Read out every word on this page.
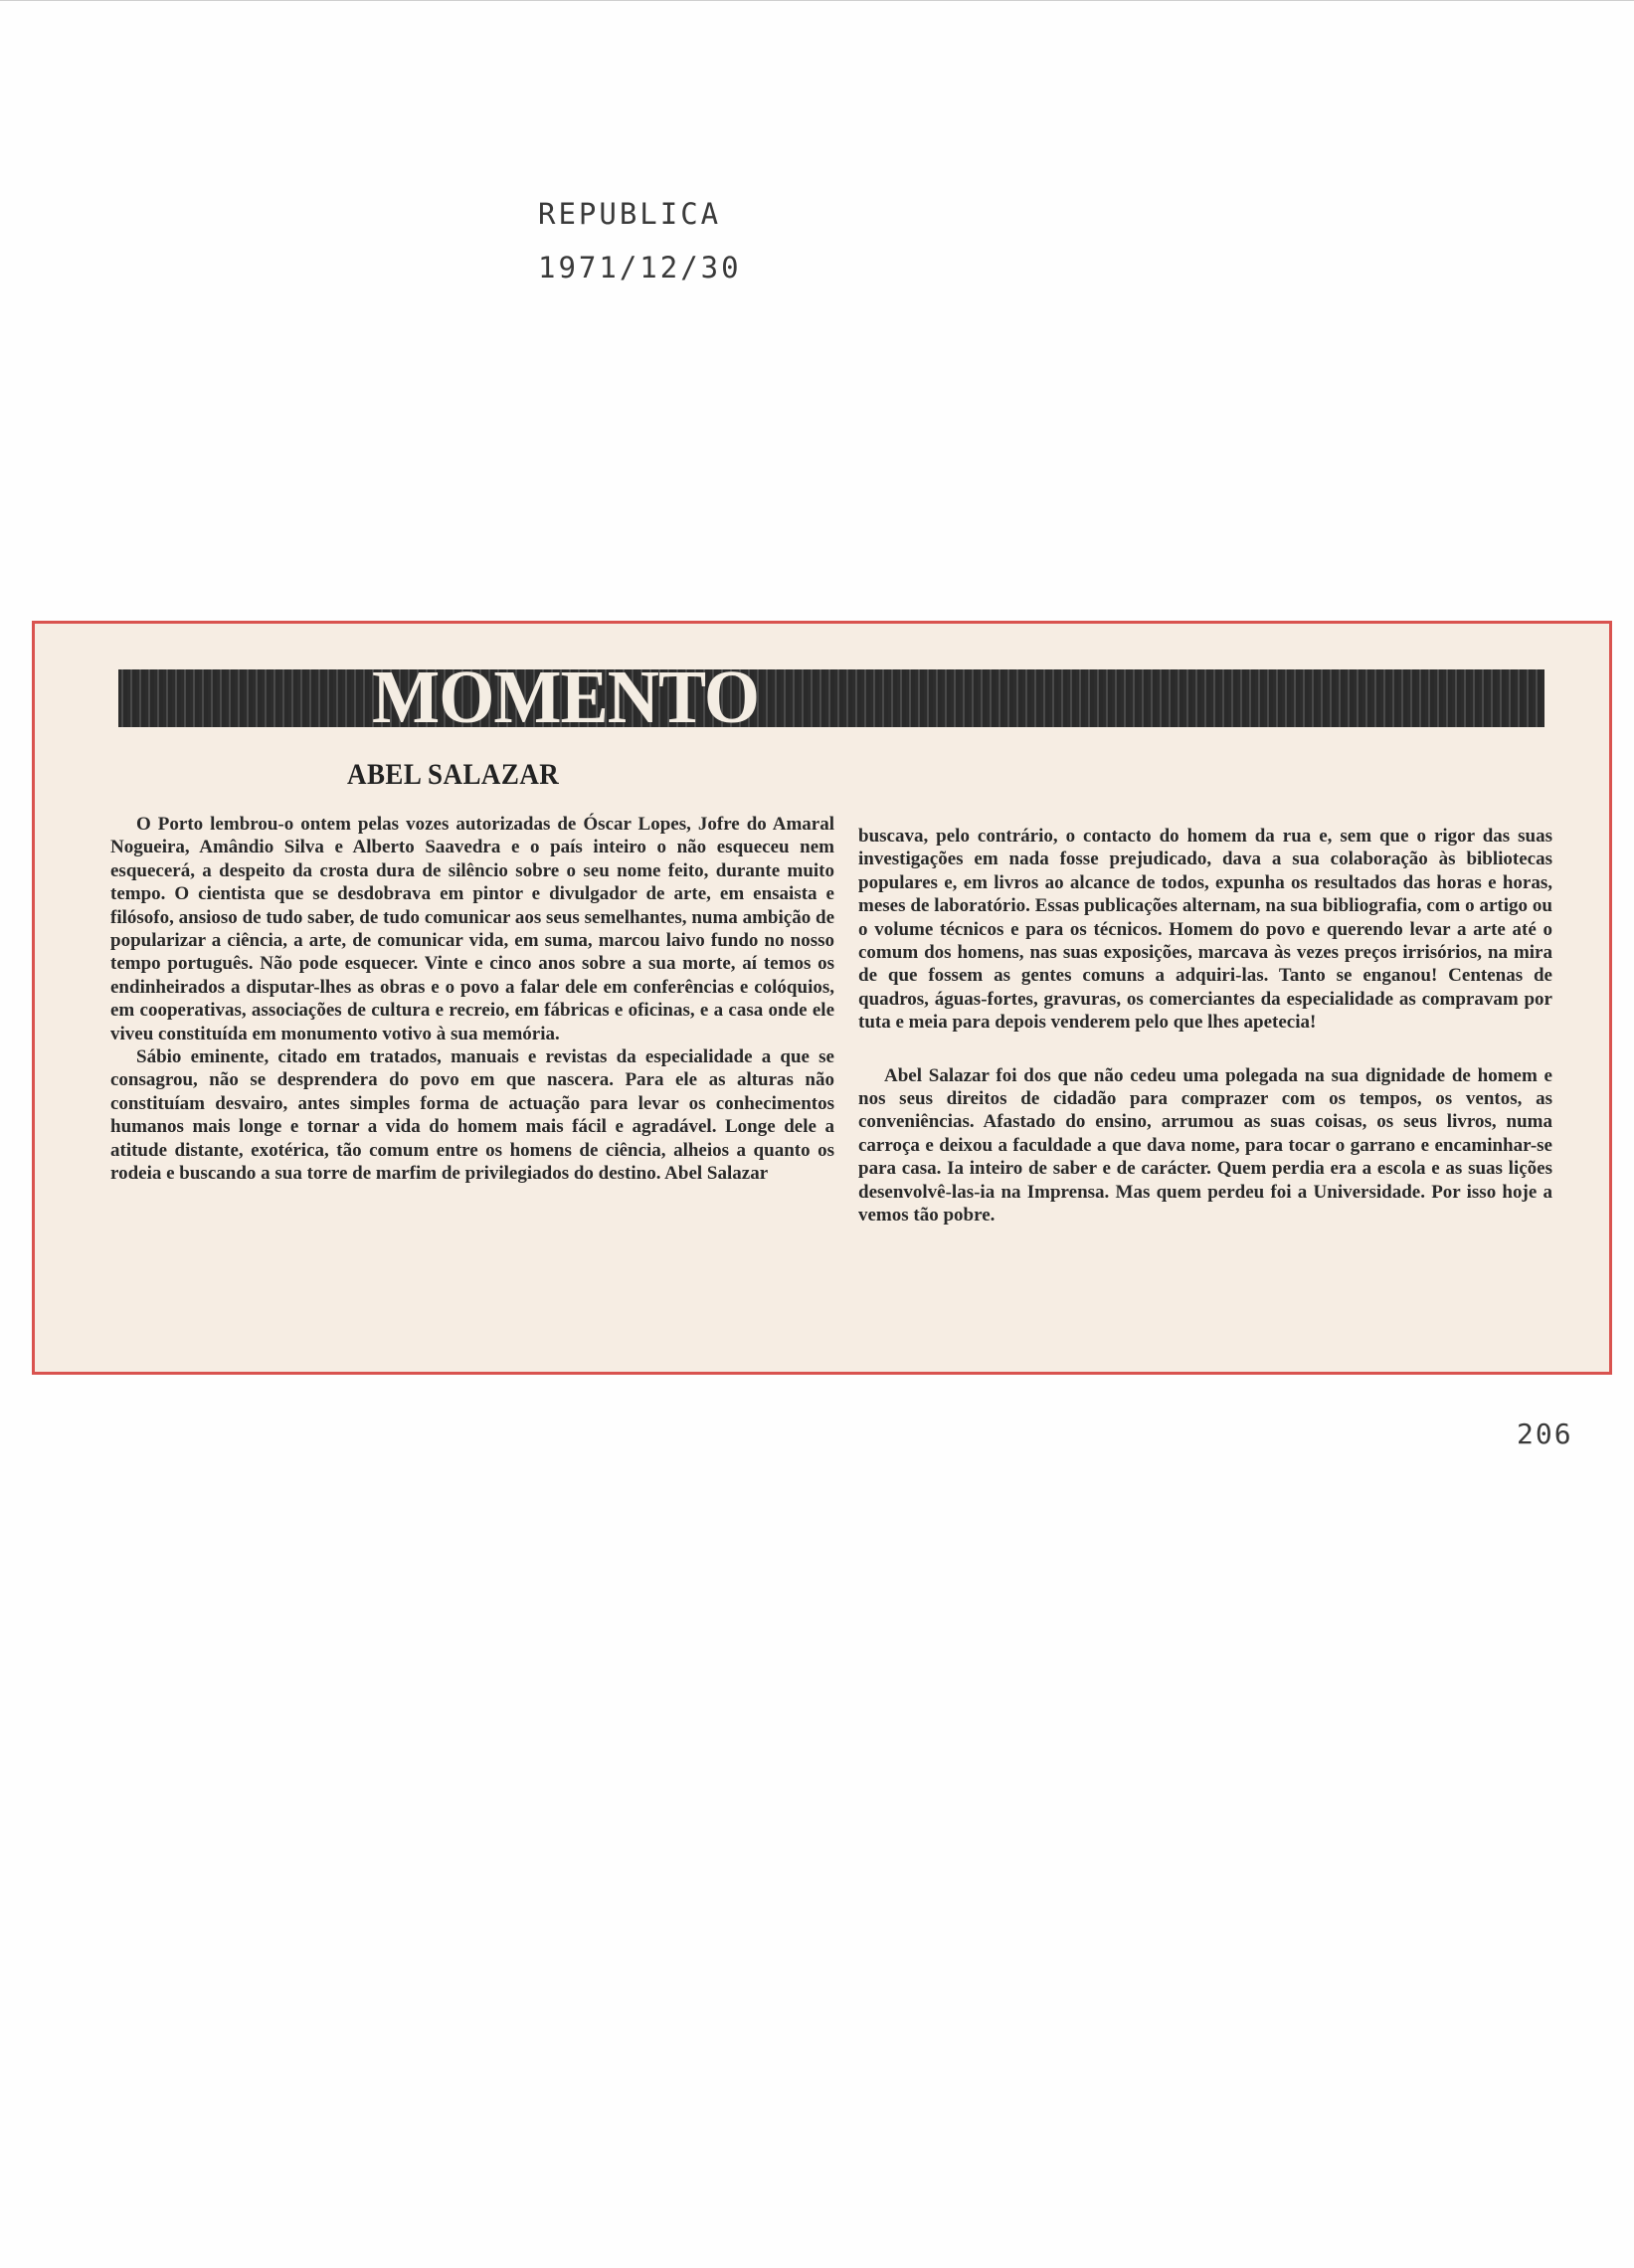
REPUBLICA
1971/12/30
MOMENTO
ABEL SALAZAR

O Porto lembrou-o ontem pelas vozes autorizadas de Óscar Lopes, Jofre do Amaral Nogueira, Amândio Silva e Alberto Saavedra e o país inteiro o não esqueceu nem esquecerá, a despeito da crosta dura de silêncio sobre o seu nome feito, durante muito tempo. O cientista que se desdobrava em pintor e divulgador de arte, em ensaista e filósofo, ansioso de tudo saber, de tudo comunicar aos seus semelhantes, numa ambição de popularizar a ciência, a arte, de comunicar vida, em suma, marcou laivo fundo no nosso tempo português. Não pode esquecer. Vinte e cinco anos sobre a sua morte, aí temos os endinheirados a disputar-lhes as obras e o povo a falar dele em conferências e colóquios, em cooperativas, associações de cultura e recreio, em fábricas e oficinas, e a casa onde ele viveu constituída em monumento votivo à sua memória.

Sábio eminente, citado em tratados, manuais e revistas da especialidade a que se consagrou, não se desprendera do povo em que nascera. Para ele as alturas não constituíam desvairo, antes simples forma de actuação para levar os conhecimentos humanos mais longe e tornar a vida do homem mais fácil e agradável. Longe dele a atitude distante, exotérica, tão comum entre os homens de ciência, alheios a quanto os rodeia e buscando a sua torre de marfim de privilegiados do destino. Abel Salazar

buscava, pelo contrário, o contacto do homem da rua e, sem que o rigor das suas investigações em nada fosse prejudicado, dava a sua colaboração às bibliotecas populares e, em livros ao alcance de todos, expunha os resultados das horas e horas, meses de laboratório. Essas publicações alternam, na sua bibliografia, com o artigo ou o volume técnicos e para os técnicos. Homem do povo e querendo levar a arte até o comum dos homens, nas suas exposições, marcava às vezes preços irrisórios, na mira de que fossem as gentes comuns a adquiri-las. Tanto se enganou! Centenas de quadros, águas-fortes, gravuras, os comerciantes da especialidade as compravam por tuta e meia para depois venderem pelo que lhes apetecia!

Abel Salazar foi dos que não cedeu uma polegada na sua dignidade de homem e nos seus direitos de cidadão para comprazer com os tempos, os ventos, as conveniências. Afastado do ensino, arrumou as suas coisas, os seus livros, numa carroça e deixou a faculdade a que dava nome, para tocar o garrano e encaminhar-se para casa. Ia inteiro de saber e de carácter. Quem perdia era a escola e as suas lições desenvolvê-las-ia na Imprensa. Mas quem perdeu foi a Universidade. Por isso hoje a vemos tão pobre.

206
